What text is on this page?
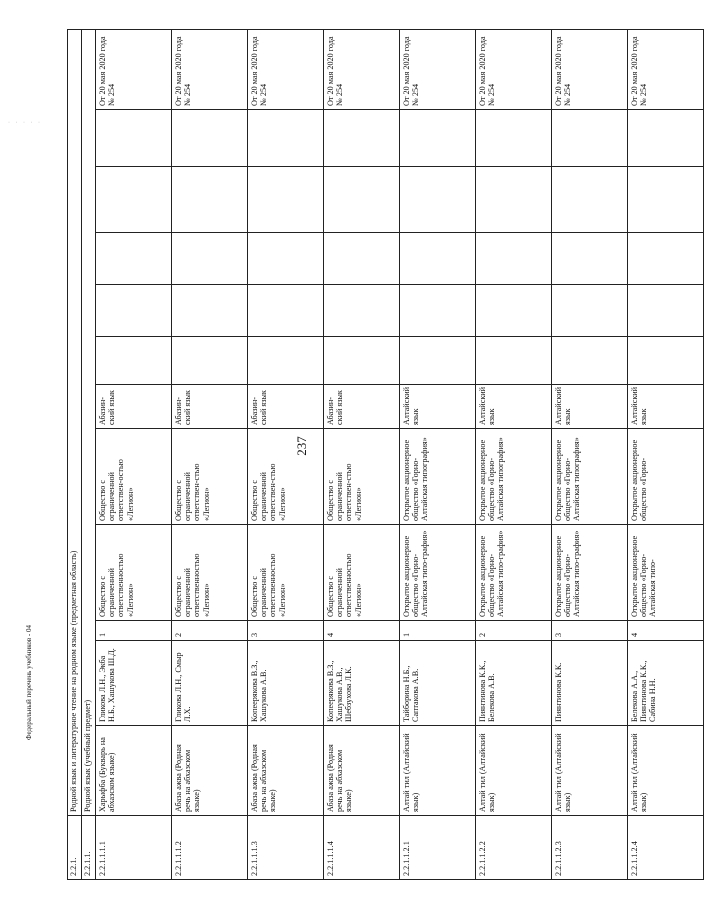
· · · · ·
237
2.2.1.	Родной язык и литературное чтение на родном языке (предметная область)											
2.2.1.1.	Родной язык (учебный предмет)											
2.2.1.1.1.1	Харыфба (Букварь на абхазском языке)	Гликова Л.Н., Экба Н.Б., Хашукова Ш.Д.	1	Общество с ограниченной ответственностью «Легион»	Общество с ограниченной ответствен-остью «Легион»	Абазин-ский язык						От 20 мая 2020 года № 254
2.2.1.1.1.2	Абаза ажва (Родная речь на абхазском языке)	Гликова Л.Н., Смыр Л.Х.	2	Общество с ограниченной ответственностью «Легион»	Общество с ограниченной ответствен-стью «Легион»	Абазин-ский язык						От 20 мая 2020 года № 254
2.2.1.1.1.3	Абаза ажва (Родная речь на абхазском языке)	Копеерякова В.З., Хашукова А.В.	3	Общество с ограниченной ответственностью «Легион»	Общество с ограниченной ответствен-стью «Легион»	Абазин-ский язык						От 20 мая 2020 года № 254
2.2.1.1.1.4	Абаза ажва (Родная речь на абхазском языке)	Копеерякова В.З., Хашукова А.В., Шебзухова Л.К.	4	Общество с ограниченной ответственностью «Легион»	Общество с ограниченной ответствен-стью «Легион»	Абазин-ский язык						От 20 мая 2020 года № 254
2.2.1.1.2.1	Алтай тил (Алтайский язык)	Тайборина Н.Б., Саптакова А.В.	1	Открытое акционерное общество «Горно-Алтайская типо-графия»	Открытое акционерное общество «Горно-Алтайская типография»	Алтайский язык						От 20 мая 2020 года № 254
2.2.1.1.2.2	Алтай тил (Алтайский язык)	Пиянтинова К.К., Белекова А.В.	2	Открытое акционерное общество «Горно-Алтайская типо-графия»	Открытое акционерное общество «Горно-Алтайская типография»	Алтайский язык						От 20 мая 2020 года № 254
2.2.1.1.2.3	Алтай тил (Алтайский язык)	Пиянтинова К.К.	3	Открытое акционерное общество «Горно-Алтайская типо-графия»	Открытое акционерное общество «Горно-Алтайская типография»	Алтайский язык						От 20 мая 2020 года № 254
2.2.1.1.2.4	Алтай тил (Алтайский язык)	Белекова А.А., Пиянтинова К.К., Сабина Н.Н.	4	Открытое акционерное общество «Горно-Алтайская типо-	Открытое акционерное общество «Горно-	Алтайский язык						От 20 мая 2020 года № 254
Федеральный перечень учебников - 04
